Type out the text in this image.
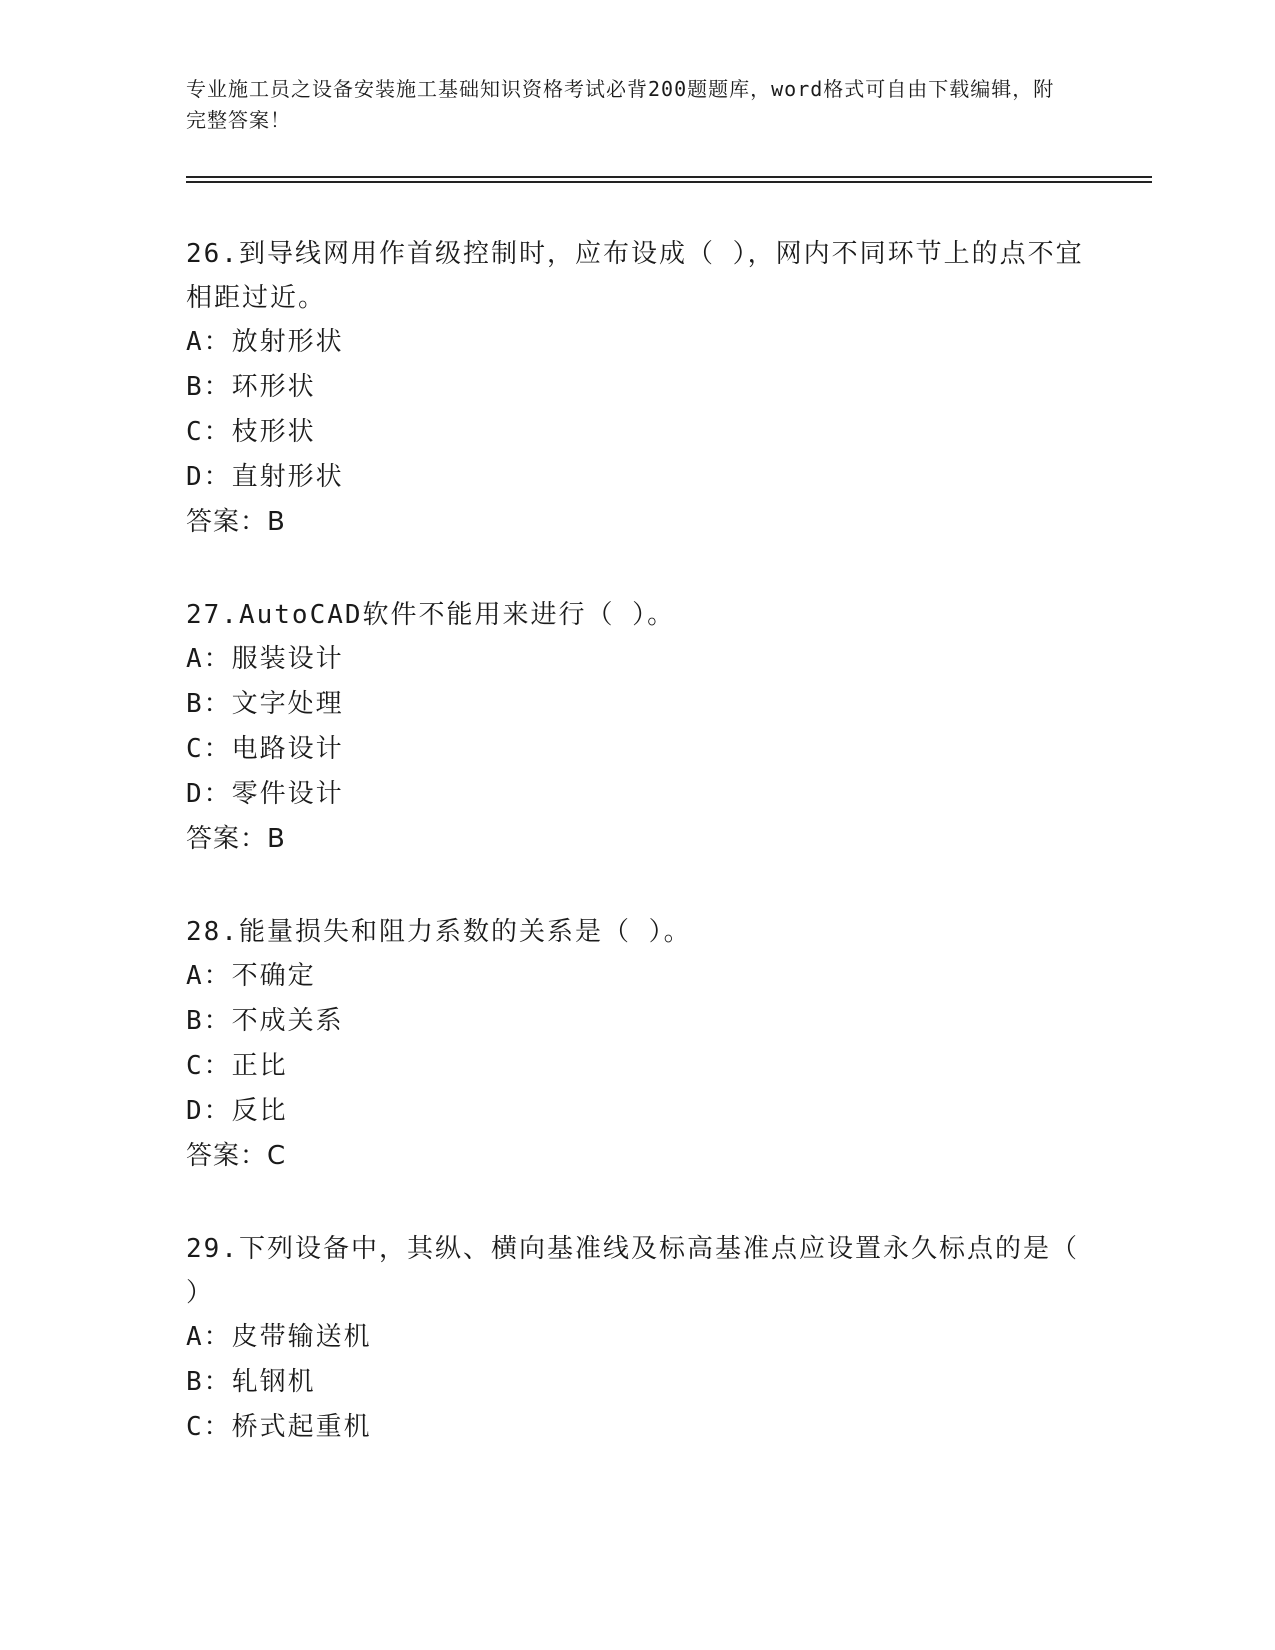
专业施工员之设备安装施工基础知识资格考试必背200题题库，word格式可自由下载编辑，附完整答案！

26.到导线网用作首级控制时，应布设成（ ），网内不同环节上的点不宜相距过近。

A：放射形状
B：环形状
C：枝形状
D：直射形状
答案：B

27.AutoCAD软件不能用来进行（ ）。

A：服装设计
B：文字处理
C：电路设计
D：零件设计
答案：B

28.能量损失和阻力系数的关系是（ ）。

A：不确定
B：不成关系
C：正比
D：反比
答案：C

29.下列设备中，其纵、横向基准线及标高基准点应设置永久标点的是（ ）

A：皮带输送机
B：轧钢机
C：桥式起重机
